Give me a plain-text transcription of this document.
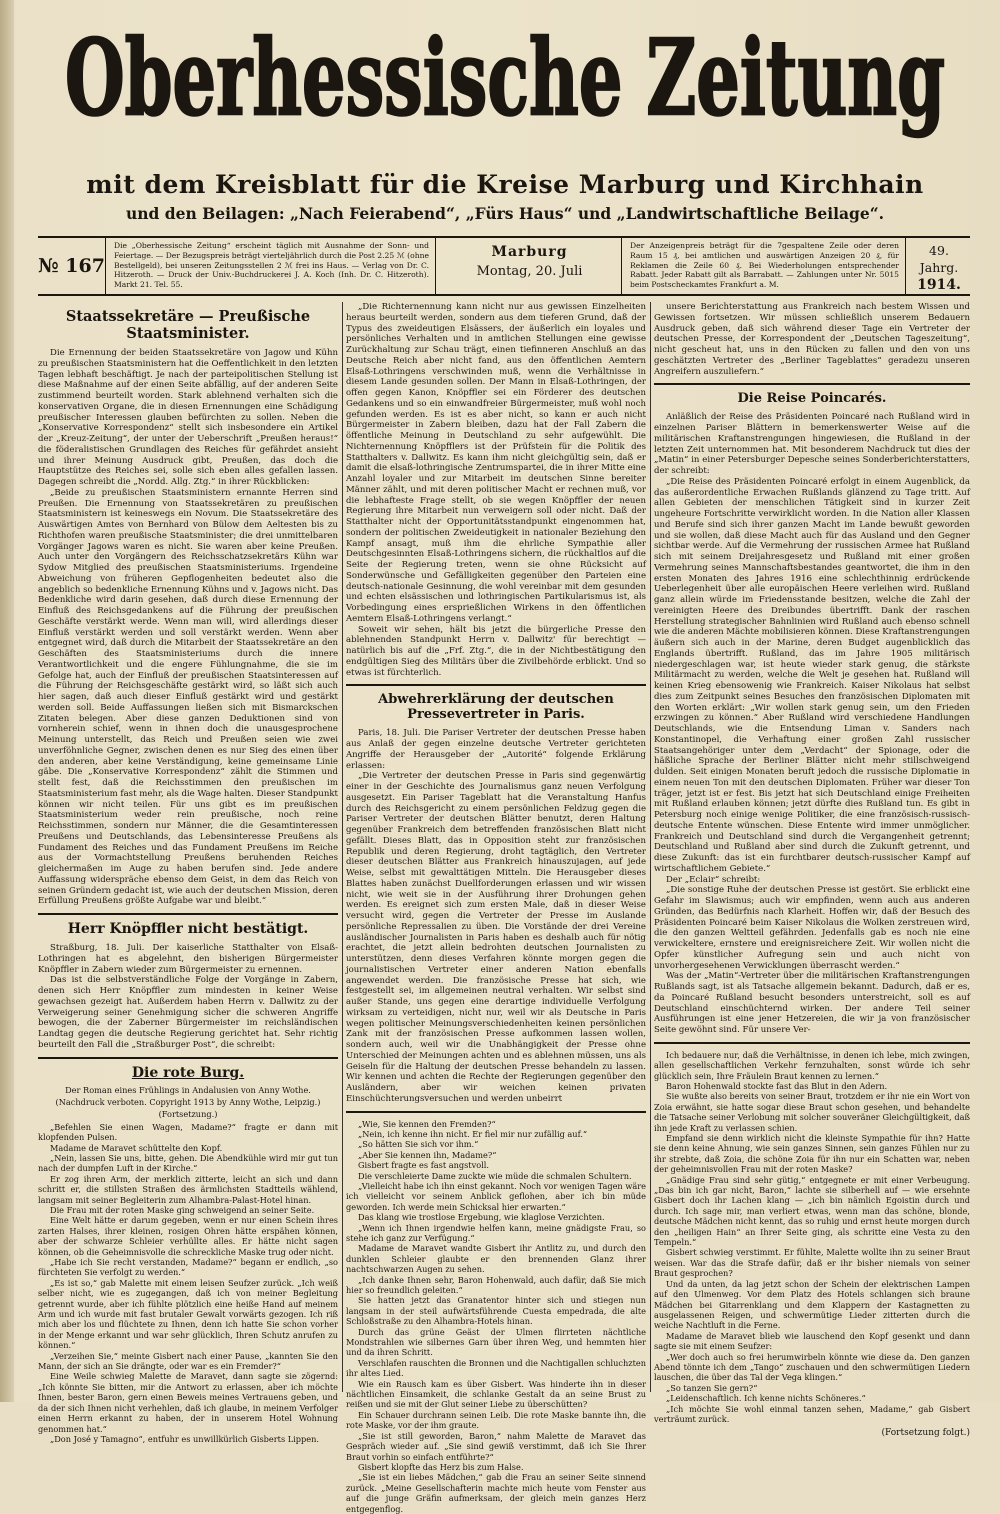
Oberhessische Zeitung
mit dem Kreisblatt für die Kreise Marburg und Kirchhain
und den Beilagen: „Nach Feierabend“, „Fürs Haus“ und „Landwirtschaftliche Beilage“.
№ 167
Die „Oberhessische Zeitung“ erscheint täglich mit Ausnahme der Sonn- und Feiertage. — Der Bezugspreis beträgt vierteljährlich durch die Post 2.25 ℳ (ohne Bestellgeld), bei unseren Zeitungsstellen 2 ℳ frei ins Haus. — Verlag von Dr. C. Hitzeroth. — Druck der Univ.-Buchdruckerei J. A. Koch (Inh. Dr. C. Hitzeroth). Markt 21. Tel. 55.
Marburg
Montag, 20. Juli
Der Anzeigenpreis beträgt für die 7gespaltene Zeile oder deren Raum 15 ₰, bei amtlichen und auswärtigen Anzeigen 20 ₰, für Reklamen die Zeile 60 ₰. Bei Wiederholungen entsprechender Rabatt. Jeder Rabatt gilt als Barrabatt. — Zahlungen unter Nr. 5015 beim Postscheckamtes Frankfurt a. M.
49. Jahrg.
1914.
Staatssekretäre — Preußische Staatsminister.

Die Ernennung der beiden Staatssekretäre von Jagow und Kühn zu preußischen Staatsministern hat die Oeffentlichkeit in den letzten Tagen lebhaft beschäftigt. Je nach der parteipolitischen Stellung ist diese Maßnahme auf der einen Seite abfällig, auf der anderen Seite zustimmend beurteilt worden. Stark ablehnend verhalten sich die konservativen Organe, die in diesen Ernennungen eine Schädigung preußischer Interessen glauben befürchten zu sollen. Neben die „Konservative Korrespondenz“ stellt sich insbesondere ein Artikel der „Kreuz-Zeitung“, der unter der Ueberschrift „Preußen heraus!“ die föderalistischen Grundlagen des Reiches für gefährdet ansieht und ihrer Meinung Ausdruck gibt, Preußen, das doch die Hauptstütze des Reiches sei, solle sich eben alles gefallen lassen. Dagegen schreibt die „Nordd. Allg. Ztg.“ in ihrer Rückblicken:

„Beide zu preußischen Staatsministern ernannte Herren sind Preußen. Die Ernennung von Staatssekretären zu preußischen Staatsministern ist keineswegs ein Novum. Die Staatssekretäre des Auswärtigen Amtes von Bernhard von Bülow dem Aeltesten bis zu Richthofen waren preußische Staatsminister; die drei unmittelbaren Vorgänger Jagows waren es nicht. Sie waren aber keine Preußen. Auch unter den Vorgängern des Reichsschatzsekretärs Kühn war Sydow Mitglied des preußischen Staatsministeriums. Irgendeine Abweichung von früheren Gepflogenheiten bedeutet also die angeblich so bedenkliche Ernennung Kühns und v. Jagows nicht. Das Bedenkliche wird darin gesehen, daß durch diese Ernennung der Einfluß des Reichsgedankens auf die Führung der preußischen Geschäfte verstärkt werde. Wenn man will, wird allerdings dieser Einfluß verstärkt werden und soll verstärkt werden. Wenn aber entgegnet wird, daß durch die Mitarbeit der Staatssekretäre an den Geschäften des Staatsministeriums durch die innere Verantwortlichkeit und die engere Fühlungnahme, die sie im Gefolge hat, auch der Einfluß der preußischen Staatsinteressen auf die Führung der Reichsgeschäfte gestärkt wird, so läßt sich auch hier sagen, daß auch dieser Einfluß gestärkt wird und gestärkt werden soll. Beide Auffassungen ließen sich mit Bismarckschen Zitaten belegen. Aber diese ganzen Deduktionen sind von vornherein schief, wenn in ihnen doch die unausgesprochene Meinung unterstellt, das Reich und Preußen seien wie zwei unverföhnliche Gegner, zwischen denen es nur Sieg des einen über den anderen, aber keine Verständigung, keine gemeinsame Linie gäbe. Die „Konservative Korrespondenz“ zählt die Stimmen und stellt fest, daß die Reichsstimmen den preußischen im Staatsministerium fast mehr, als die Wage halten. Dieser Standpunkt können wir nicht teilen. Für uns gibt es im preußischen Staatsministerium weder rein preußische, noch reine Reichsstimmen, sondern nur Männer, die die Gesamtinteressen Preußens und Deutschlands, das Lebensinteresse Preußens als Fundament des Reiches und das Fundament Preußens im Reiche aus der Vormachtstellung Preußens beruhenden Reiches gleichermaßen im Auge zu haben berufen sind. Jede andere Auffassung widerspräche ebenso dem Geist, in dem das Reich von seinen Gründern gedacht ist, wie auch der deutschen Mission, deren Erfüllung Preußens größte Aufgabe war und bleibt.“

Herr Knöpffler nicht bestätigt.

Straßburg, 18. Juli. Der kaiserliche Statthalter von Elsaß-Lothringen hat es abgelehnt, den bisherigen Bürgermeister Knöpffler in Zabern wieder zum Bürgermeister zu ernennen.

Das ist die selbstverständliche Folge der Vorgänge in Zabern, denen sich Herr Knöpffler zum mindesten in keiner Weise gewachsen gezeigt hat. Außerdem haben Herrn v. Dallwitz zu der Verweigerung seiner Genehmigung sicher die schweren Angriffe bewogen, die der Zaberner Bürgermeister im reichsländischen Landtag gegen die deutsche Regierung gerichtet hat. Sehr richtig beurteilt den Fall die „Straßburger Post“, die schreibt:

Die rote Burg.
Der Roman eines Frühlings in Andalusien von Anny Wothe.
(Nachdruck verboten. Copyright 1913 by Anny Wothe, Leipzig.)
(Fortsetzung.)

„Befehlen Sie einen Wagen, Madame?“ fragte er dann mit klopfenden Pulsen.

Madame de Maravet schüttelte den Kopf.

„Nein, lassen Sie uns, bitte, gehen. Die Abendkühle wird mir gut tun nach der dumpfen Luft in der Kirche.“

Er zog ihren Arm, der merklich zitterte, leicht an sich und dann schritt er, die stillsten Straßen des ärmlichsten Stadtteils wählend, langsam mit seiner Begleiterin zum Alhambra-Palast-Hotel hinan.

Die Frau mit der roten Maske ging schweigend an seiner Seite.

Eine Welt hätte er darum gegeben, wenn er nur einen Schein ihres zarten Halses, ihrer kleinen, rosigen Ohren hätte erspähen können, aber der schwarze Schleier verhüllte alles. Er hätte nicht sagen können, ob die Geheimnisvolle die schreckliche Maske trug oder nicht.

„Habe ich Sie recht verstanden, Madame?“ begann er endlich, „so fürchteten Sie verfolgt zu werden.“

„Es ist so,“ gab Malette mit einem leisen Seufzer zurück. „Ich weiß selber nicht, wie es zugegangen, daß ich von meiner Begleitung getrennt wurde, aber ich fühlte plötzlich eine heiße Hand auf meinem Arm und ich wurde mit fast brutaler Gewalt vorwärts gezogen. Ich riß mich aber los und flüchtete zu Ihnen, denn ich hatte Sie schon vorher in der Menge erkannt und war sehr glücklich, Ihren Schutz anrufen zu können.“

„Verzeihen Sie,“ meinte Gisbert nach einer Pause, „kannten Sie den Mann, der sich an Sie drängte, oder war es ein Fremder?“

Eine Weile schwieg Malette de Maravet, dann sagte sie zögernd: „Ich könnte Sie bitten, mir die Antwort zu erlassen, aber ich möchte Ihnen, bester Baron, gern einen Beweis meines Vertrauens geben, und da der sich Ihnen nicht verhehlen, daß ich glaube, in meinem Verfolger einen Herrn erkannt zu haben, der in unserem Hotel Wohnung genommen hat.“

„Don José y Tamagno“, entfuhr es unwillkürlich Gisberts Lippen.

„Die Richternennung kann nicht nur aus gewissen Einzelheiten heraus beurteilt werden, sondern aus dem tieferen Grund, daß der Typus des zweideutigen Elsässers, der äußerlich ein loyales und persönliches Verhalten und in amtlichen Stellungen eine gewisse Zurückhaltung zur Schau trägt, einen tiefinneren Anschluß an das Deutsche Reich aber nicht fand, aus den öffentlichen Aemtern Elsaß-Lothringens verschwinden muß, wenn die Verhältnisse in diesem Lande gesunden sollen. Der Mann in Elsaß-Lothringen, der offen gegen Kanon, Knöpffler sei ein Förderer des deutschen Gedankens und so ein einwandfreier Bürgermeister, muß wohl noch gefunden werden. Es ist es aber nicht, so kann er auch nicht Bürgermeister in Zabern bleiben, dazu hat der Fall Zabern die öffentliche Meinung in Deutschland zu sehr aufgewühlt. Die Nichternennung Knöpfflers ist der Prüfstein für die Politik des Statthalters v. Dallwitz. Es kann ihm nicht gleichgültig sein, daß er damit die elsaß-lothringische Zentrumspartei, die in ihrer Mitte eine Anzahl loyaler und zur Mitarbeit im deutschen Sinne bereiter Männer zählt, und mit deren politischer Macht er rechnen muß, vor die lebhafteste Frage stellt, ob sie wegen Knöpffler der neuen Regierung ihre Mitarbeit nun verweigern soll oder nicht. Daß der Statthalter nicht der Opportunitätsstandpunkt eingenommen hat, sondern der politischen Zweideutigkeit in nationaler Beziehung den Kampf ansagt, muß ihm die ehrliche Sympathie aller Deutschgesinnten Elsaß-Lothringens sichern, die rückhaltlos auf die Seite der Regierung treten, wenn sie ohne Rücksicht auf Sonderwünsche und Gefälligkeiten gegenüber den Parteien eine deutsch-nationale Gesinnung, die wohl vereinbar mit dem gesunden und echten elsässischen und lothringischen Partikularismus ist, als Vorbedingung eines ersprießlichen Wirkens in den öffentlichen Aemtern Elsaß-Lothringens verlangt.“

Soweit wir sehen, hält bis jetzt die bürgerliche Presse den ablehnenden Standpunkt Herrn v. Dallwitz' für berechtigt — natürlich bis auf die „Frf. Ztg.“, die in der Nichtbestätigung den endgültigen Sieg des Militärs über die Zivilbehörde erblickt. Und so etwas ist fürchterlich.

Abwehrerklärung der deutschen Pressevertreter in Paris.

Paris, 18. Juli. Die Pariser Vertreter der deutschen Presse haben aus Anlaß der gegen einzelne deutsche Vertreter gerichteten Angriffe der Herausgeber der „Autorité“ folgende Erklärung erlassen:

„Die Vertreter der deutschen Presse in Paris sind gegenwärtig einer in der Geschichte des Journalismus ganz neuen Verfolgung ausgesetzt. Ein Pariser Tageblatt hat die Veranstaltung Hanfus durch des Reichsgericht zu einem persönlichen Feldzug gegen die Pariser Vertreter der deutschen Blätter benutzt, deren Haltung gegenüber Frankreich dem betreffenden französischen Blatt nicht gefällt. Dieses Blatt, das in Opposition steht zur französischen Republik und deren Regierung, droht tagtäglich, den Vertreter dieser deutschen Blätter aus Frankreich hinauszujagen, auf jede Weise, selbst mit gewalttätigen Mitteln. Die Herausgeber dieses Blattes haben zunächst Duellforderungen erlassen und wir wissen nicht, wie weit sie in der Ausführung ihrer Drohungen gehen werden. Es ereignet sich zum ersten Male, daß in dieser Weise versucht wird, gegen die Vertreter der Presse im Auslande persönliche Repressalien zu üben. Die Vorstände der drei Vereine ausländischer Journalisten in Paris haben es deshalb auch für nötig erachtet, die jetzt allein bedrohten deutschen Journalisten zu unterstützen, denn dieses Verfahren könnte morgen gegen die journalistischen Vertreter einer anderen Nation ebenfalls angewendet werden. Die französische Presse hat sich, wie festgestellt sei, im allgemeinen neutral verhalten. Wir selbst sind außer Stande, uns gegen eine derartige individuelle Verfolgung wirksam zu verteidigen, nicht nur, weil wir als Deutsche in Paris wegen politischer Meinungsverschiedenheiten keinen persönlichen Zank mit der französischen Presse aufkommen lassen wollen, sondern auch, weil wir die Unabhängigkeit der Presse ohne Unterschied der Meinungen achten und es ablehnen müssen, uns als Geiseln für die Haltung der deutschen Presse behandeln zu lassen. Wir kennen und achten die Rechte der Regierungen gegenüber den Ausländern, aber wir weichen keinen privaten Einschüchterungsversuchen und werden unbeirrt

„Wie, Sie kennen den Fremden?“

„Nein, ich kenne ihn nicht. Er fiel mir nur zufällig auf.“

„So hätten Sie sich vor ihm.“

„Aber Sie kennen ihn, Madame?“

Gisbert fragte es fast angstvoll.

Die verschleierte Dame zuckte wie müde die schmalen Schultern.

„Vielleicht habe ich ihn einst gekannt. Noch vor wenigen Tagen wäre ich vielleicht vor seinem Anblick geflohen, aber ich bin müde geworden. Ich werde mein Schicksal hier erwarten.“

Das klang wie trostlose Ergebung, wie klaglose Verzichten.

„Wenn ich Ihnen irgendwie helfen kann, meine gnädigste Frau, so stehe ich ganz zur Verfügung.“

Madame de Maravet wandte Gisbert ihr Antlitz zu, und durch den dunklen Schleier glaubte er den brennenden Glanz ihrer nachtschwarzen Augen zu sehen.

„Ich danke Ihnen sehr, Baron Hohenwald, auch dafür, daß Sie mich hier so freundlich geleiten.“

Sie hatten jetzt das Granatentor hinter sich und stiegen nun langsam in der steil aufwärtsführende Cuesta empedrada, die alte Schloßstraße zu den Alhambra-Hotels hinan.

Durch das grüne Geäst der Ulmen flirrteten nächtliche Mondstrahlen wie silbernes Garn über ihren Weg, und hemmten hier und da ihren Schritt.

Verschlafen rauschten die Bronnen und die Nachtigallen schluchzten ihr altes Lied.

Wie ein Rausch kam es über Gisbert. Was hinderte ihn in dieser nächtlichen Einsamkeit, die schlanke Gestalt da an seine Brust zu reißen und sie mit der Glut seiner Liebe zu überschütten?

Ein Schauer durchrann seinen Leib. Die rote Maske bannte ihn, die rote Maske, vor der ihm graute.

„Sie ist still geworden, Baron,“ nahm Malette de Maravet das Gespräch wieder auf. „Sie sind gewiß verstimmt, daß ich Sie Ihrer Braut vorhin so einfach entführte?“

Gisbert klopfte das Herz bis zum Halse.

„Sie ist ein liebes Mädchen,“ gab die Frau an seiner Seite sinnend zurück. „Meine Gesellschafterin machte mich heute vom Fenster aus auf die junge Gräfin aufmerksam, der gleich mein ganzes Herz entgegenflog.

unsere Berichterstattung aus Frankreich nach bestem Wissen und Gewissen fortsetzen. Wir müssen schließlich unserem Bedauern Ausdruck geben, daß sich während dieser Tage ein Vertreter der deutschen Presse, der Korrespondent der „Deutschen Tageszeitung“, nicht gescheut hat, uns in den Rücken zu fallen und den von uns geschätzten Vertreter des „Berliner Tageblattes“ geradezu unseren Angreifern auszuliefern.“

Die Reise Poincarés.

Anläßlich der Reise des Präsidenten Poincaré nach Rußland wird in einzelnen Pariser Blättern in bemerkenswerter Weise auf die militärischen Kraftanstrengungen hingewiesen, die Rußland in der letzten Zeit unternommen hat. Mit besonderem Nachdruck tut dies der „Matin“ in einer Petersburger Depesche seines Sonderberichterstatters, der schreibt:

„Die Reise des Präsidenten Poincaré erfolgt in einem Augenblick, da das außerordentliche Erwachen Rußlands glänzend zu Tage tritt. Auf allen Gebieten der menschlichen Tätigkeit sind in kurzer Zeit ungeheure Fortschritte verwirklicht worden. In die Nation aller Klassen und Berufe sind sich ihrer ganzen Macht im Lande bewußt geworden und sie wollen, daß diese Macht auch für das Ausland und den Gegner sichtbar werde. Auf die Vermehrung der russischen Armee hat Rußland sich mit seinem Dreijahresgesetz und Rußland mit einer großen Vermehrung seines Mannschaftsbestandes geantwortet, die ihm in den ersten Monaten des Jahres 1916 eine schlechthinnig erdrückende Ueberlegenheit über alle europäischen Heere verleihen wird. Rußland ganz allein würde im Friedensstande besitzen, welche die Zahl der vereinigten Heere des Dreibundes übertrifft. Dank der raschen Herstellung strategischer Bahnlinien wird Rußland auch ebenso schnell wie die anderen Mächte mobilisieren können. Diese Kraftanstrengungen äußern sich auch in der Marine, deren Budget augenblicklich das Englands übertrifft. Rußland, das im Jahre 1905 militärisch niedergeschlagen war, ist heute wieder stark genug, die stärkste Militärmacht zu werden, welche die Welt je gesehen hat. Rußland will keinen Krieg ebensowenig wie Frankreich. Kaiser Nikolaus hat selbst dies zum Zeitpunkt seines Besuches den französischen Diplomaten mit den Worten erklärt: „Wir wollen stark genug sein, um den Frieden erzwingen zu können.“ Aber Rußland wird verschiedene Handlungen Deutschlands, wie die Entsendung Liman v. Sanders nach Konstantinopel, die Verhaftung einer großen Zahl russischer Staatsangehöriger unter dem „Verdacht“ der Spionage, oder die häßliche Sprache der Berliner Blätter nicht mehr stillschweigend dulden. Seit einigen Monaten beruft jedoch die russische Diplomatie in einem neuen Ton mit den deutschen Diplomaten. Früher war dieser Ton träger, jetzt ist er fest. Bis jetzt hat sich Deutschland einige Freiheiten mit Rußland erlauben können; jetzt dürfte dies Rußland tun. Es gibt in Petersburg noch einige wenige Politiker, die eine französisch-russisch-deutsche Entente wünschen. Diese Entente wird immer unmöglicher. Frankreich und Deutschland sind durch die Vergangenheit getrennt; Deutschland und Rußland aber sind durch die Zukunft getrennt, und diese Zukunft: das ist ein furchtbarer deutsch-russischer Kampf auf wirtschaftlichem Gebiete.“

Der „Eclair“ schreibt:

„Die sonstige Ruhe der deutschen Presse ist gestört. Sie erblickt eine Gefahr im Slawismus; auch wir empfinden, wenn auch aus anderen Gründen, das Bedürfnis nach Klarheit. Hoffen wir, daß der Besuch des Präsidenten Poincaré beim Kaiser Nikolaus die Wolken zerstreuen wird, die den ganzen Weltteil gefährden. Jedenfalls gab es noch nie eine verwickeltere, ernstere und ereignisreichere Zeit. Wir wollen nicht die Opfer künstlicher Aufregung sein und auch nicht von unvorhergesehenen Verwicklungen überrascht werden.“

Was der „Matin“-Vertreter über die militärischen Kraftanstrengungen Rußlands sagt, ist als Tatsache allgemein bekannt. Dadurch, daß er es, da Poincaré Rußland besucht besonders unterstreicht, soll es auf Deutschland einschüchternd wirken. Der andere Teil seiner Ausführungen ist eine jener Hetzereien, die wir ja von französischer Seite gewöhnt sind. Für unsere Ver-

Ich bedauere nur, daß die Verhältnisse, in denen ich lebe, mich zwingen, allen gesellschaftlichen Verkehr fernzuhalten, sonst würde ich sehr glücklich sein, Ihre Fräulein Braut kennen zu lernen.“

Baron Hohenwald stockte fast das Blut in den Adern.

Sie wußte also bereits von seiner Braut, trotzdem er ihr nie ein Wort von Zoia erwähnt, sie hatte sogar diese Braut schon gesehen, und behandelte die Tatsache seiner Verlobung mit solcher souveräner Gleichgültigkeit, daß ihn jede Kraft zu verlassen schien.

Empfand sie denn wirklich nicht die kleinste Sympathie für ihn? Hatte sie denn keine Ahnung, wie sein ganzes Sinnen, sein ganzes Fühlen nur zu ihr strebte, daß Zoia, die schöne Zoia für ihn nur ein Schatten war, neben der geheimnisvollen Frau mit der roten Maske?

„Gnädige Frau sind sehr gütig,“ entgegnete er mit einer Verbeugung. „Das bin ich gar nicht, Baron,“ lachte sie silberhell auf — wie ersehnte Gisbert doch ihr Lachen klang — „ich bin nämlich Egoistin durch und durch. Ich sage mir, man verliert etwas, wenn man das schöne, blonde, deutsche Mädchen nicht kennt, das so ruhig und ernst heute morgen durch den „heiligen Hain“ an Ihrer Seite ging, als schritte eine Vesta zu den Tempeln.“

Gisbert schwieg verstimmt. Er fühlte, Malette wollte ihn zu seiner Braut weisen. War das die Strafe dafür, daß er ihr bisher niemals von seiner Braut gesprochen?

Und da unten, da lag jetzt schon der Schein der elektrischen Lampen auf den Ulmenweg. Vor dem Platz des Hotels schlangen sich braune Mädchen bei Gitarrenklang und dem Klappern der Kastagnetten zu ausgelassenen Reigen, und schwermütige Lieder zitterten durch die weiche Nachtluft in die Ferne.

Madame de Maravet blieb wie lauschend den Kopf gesenkt und dann sagte sie mit einem Seufzer:

„Wer doch auch so frei herumwirbeln könnte wie diese da. Den ganzen Abend tönnte ich dem „Tango“ zuschauen und den schwermütigen Liedern lauschen, die über das Tal der Vega klingen.“

„So tanzen Sie gern?“

„Leidenschaftlich. Ich kenne nichts Schöneres.“

„Ich möchte Sie wohl einmal tanzen sehen, Madame,“ gab Gisbert verträumt zurück.

(Fortsetzung folgt.)
